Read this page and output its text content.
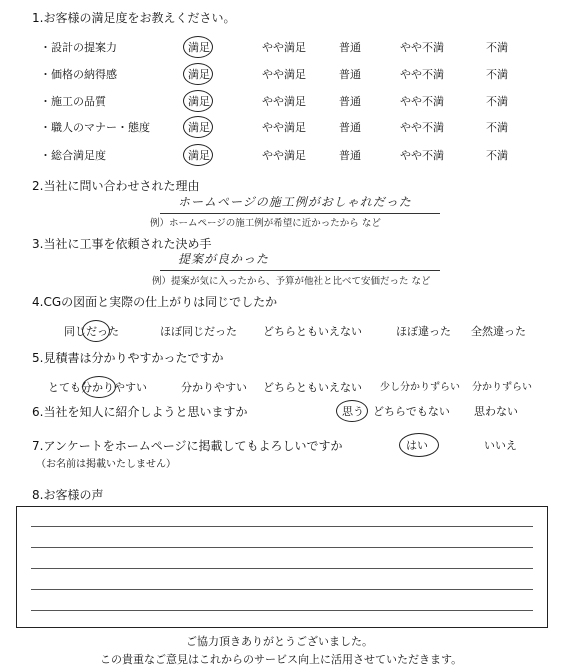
1.お客様の満足度をお教えください。
・設計の提案力	満足	やや満足	普通	やや不満	不満
・価格の納得感	満足	やや満足	普通	やや不満	不満
・施工の品質	満足	やや満足	普通	やや不満	不満
・職人のマナー・態度	満足	やや満足	普通	やや不満	不満
・総合満足度	満足	やや満足	普通	やや不満	不満
2.当社に問い合わせされた理由
ホームページの施工例がおしゃれだった
例）ホームページの施工例が希望に近かったから など
3.当社に工事を依頼された決め手
提案が良かった
例）提案が気に入ったから、予算が他社と比べて安価だった など
4.CGの図面と実際の仕上がりは同じでしたか
同じだった	ほぼ同じだった どちらともいえない	ほぼ違った 全然違った
5.見積書は分かりやすかったですか
とても分かりやすい	分かりやすい どちらともいえない 少し分かりずらい 分かりずらい
6.当社を知人に紹介しようと思いますか	思う どちらでもない 思わない
7.アンケートをホームページに掲載してもよろしいですか
（お名前は掲載いたしません）
はい	いいえ
8.お客様の声
ご協力頂きありがとうございました。
この貴重なご意見はこれからのサービス向上に活用させていただきます。
